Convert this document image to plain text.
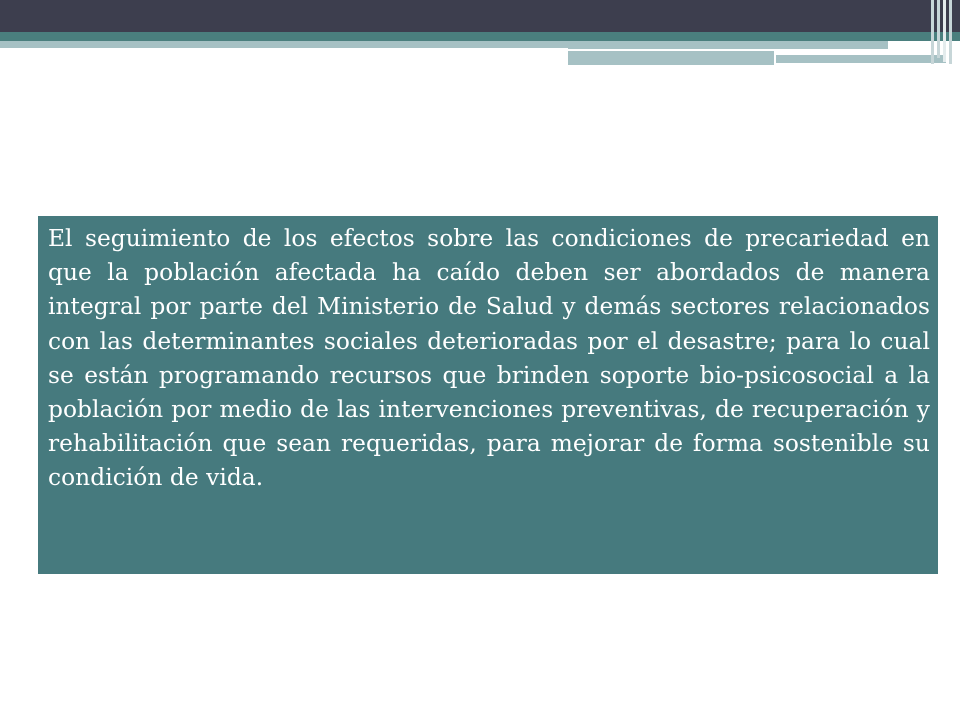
El seguimiento de los efectos sobre las condiciones de precariedad en que la población afectada ha caído deben ser abordados de manera integral por parte del Ministerio de Salud y demás sectores relacionados con las determinantes sociales deterioradas por el desastre; para lo cual se están programando recursos que brinden soporte bio-psicosocial a la población por medio de las intervenciones preventivas, de recuperación y rehabilitación que sean requeridas, para mejorar de forma sostenible su condición de vida.
